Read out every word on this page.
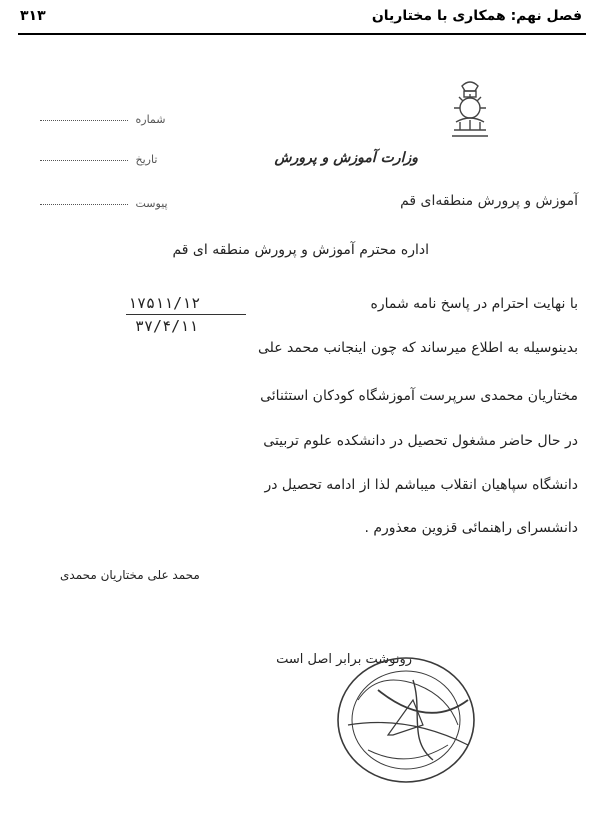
فصل نهم: همکاری با مختاریان
۳۱۳
شماره
تاریخ
پیوست
وزارت آموزش و پرورش
آموزش و پرورش منطقه‌ای قم
اداره محترم آموزش و پرورش منطقه ای قم
با نهایت احترام در پاسخ نامه شماره
۱۷۵۱۱/۱۲
۳۷/۴/۱۱
بدینوسیله به اطلاع میرساند که چون اینجانب محمد علی
مختاریان محمدی سرپرست آموزشگاه کودکان استثنائی
در حال حاضر مشغول تحصیل در دانشکده علوم تربیتی
دانشگاه سپاهیان انقلاب میباشم لذا از ادامه تحصیل در
دانشسرای راهنمائی قزوین معذورم .
محمد علی مختاریان محمدی
رونوشت برابر اصل است
